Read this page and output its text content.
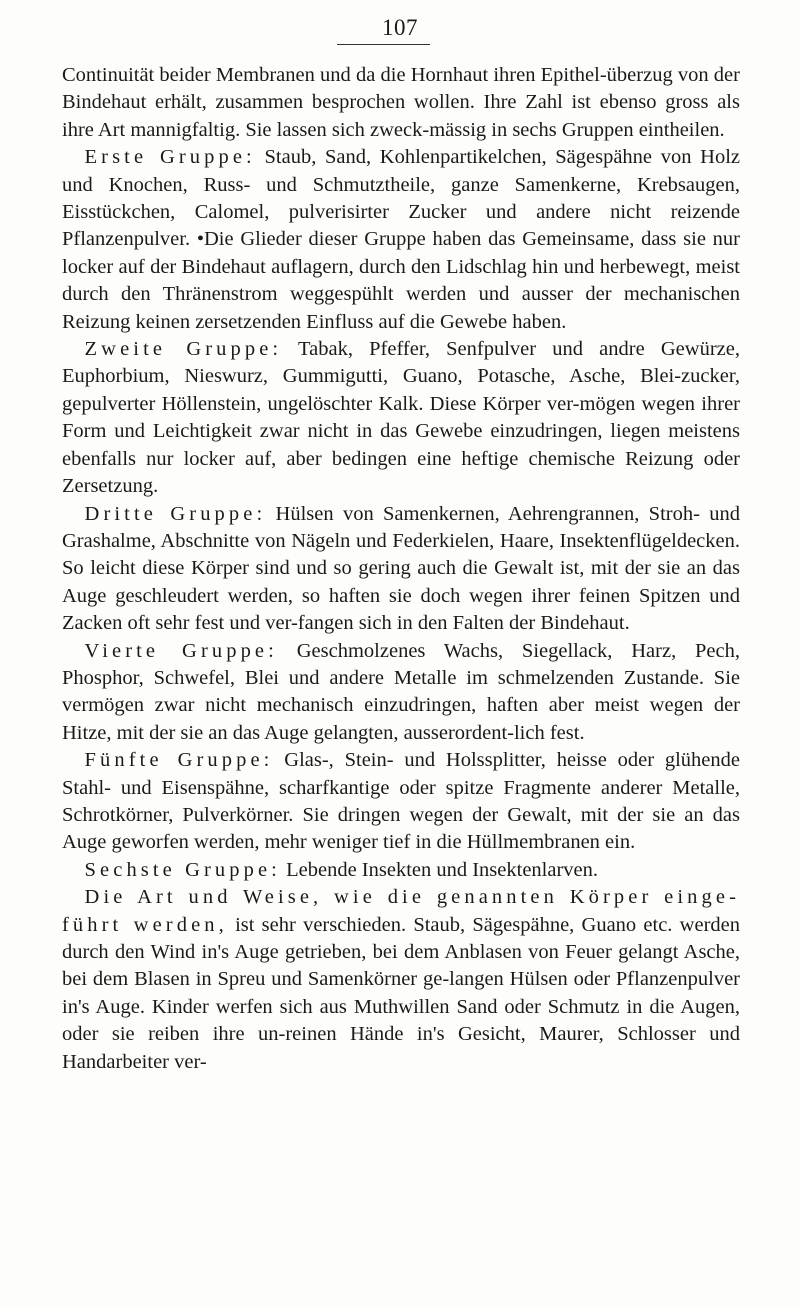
107

Continuität beider Membranen und da die Hornhaut ihren Epithel-überzug von der Bindehaut erhält, zusammen besprochen wollen. Ihre Zahl ist ebenso gross als ihre Art mannigfaltig. Sie lassen sich zweck-mässig in sechs Gruppen eintheilen.

Erste Gruppe: Staub, Sand, Kohlenpartikelchen, Sägespähne von Holz und Knochen, Russ- und Schmutztheile, ganze Samenkerne, Krebsaugen, Eisstückchen, Calomel, pulverisirter Zucker und andere nicht reizende Pflanzenpulver. •Die Glieder dieser Gruppe haben das Gemeinsame, dass sie nur locker auf der Bindehaut auflagern, durch den Lidschlag hin und herbewegt, meist durch den Thränenstrom weggespühlt werden und ausser der mechanischen Reizung keinen zersetzenden Einfluss auf die Gewebe haben.

Zweite Gruppe: Tabak, Pfeffer, Senfpulver und andre Gewürze, Euphorbium, Nieswurz, Gummigutti, Guano, Potasche, Asche, Blei-zucker, gepulverter Höllenstein, ungelöschter Kalk. Diese Körper ver-mögen wegen ihrer Form und Leichtigkeit zwar nicht in das Gewebe einzudringen, liegen meistens ebenfalls nur locker auf, aber bedingen eine heftige chemische Reizung oder Zersetzung.

Dritte Gruppe: Hülsen von Samenkernen, Aehrengrannen, Stroh- und Grashalme, Abschnitte von Nägeln und Federkielen, Haare, Insektenflügeldecken. So leicht diese Körper sind und so gering auch die Gewalt ist, mit der sie an das Auge geschleudert werden, so haften sie doch wegen ihrer feinen Spitzen und Zacken oft sehr fest und ver-fangen sich in den Falten der Bindehaut.

Vierte Gruppe: Geschmolzenes Wachs, Siegellack, Harz, Pech, Phosphor, Schwefel, Blei und andere Metalle im schmelzenden Zustande. Sie vermögen zwar nicht mechanisch einzudringen, haften aber meist wegen der Hitze, mit der sie an das Auge gelangten, ausserordent-lich fest.

Fünfte Gruppe: Glas-, Stein- und Holssplitter, heisse oder glühende Stahl- und Eisenspähne, scharfkantige oder spitze Fragmente anderer Metalle, Schrotkörner, Pulverkörner. Sie dringen wegen der Gewalt, mit der sie an das Auge geworfen werden, mehr weniger tief in die Hüllmembranen ein.

Sechste Gruppe: Lebende Insekten und Insektenlarven.

Die Art und Weise, wie die genannten Körper einge-führt werden, ist sehr verschieden. Staub, Sägespähne, Guano etc. werden durch den Wind in's Auge getrieben, bei dem Anblasen von Feuer gelangt Asche, bei dem Blasen in Spreu und Samenkörner ge-langen Hülsen oder Pflanzenpulver in's Auge. Kinder werfen sich aus Muthwillen Sand oder Schmutz in die Augen, oder sie reiben ihre un-reinen Hände in's Gesicht, Maurer, Schlosser und Handarbeiter ver-
